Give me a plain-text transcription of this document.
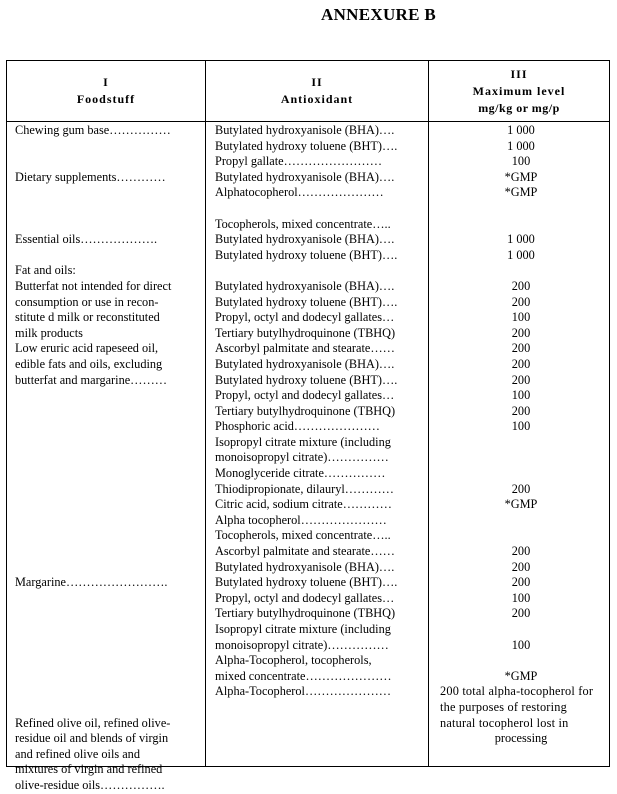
ANNEXURE B
I
Foodstuff
II
Antioxidant
III
Maximum level
mg/kg or mg/p
Chewing gum base……………
Dietary supplements…………
Essential oils……………….
Fat and oils:
Butterfat not intended for direct
consumption or use in recon-
stitute d milk or reconstituted
milk products
Low eruric acid rapeseed oil,
edible fats and oils, excluding
butterfat and margarine………
Margarine…………………….
Refined olive oil, refined olive-
residue oil and blends of virgin
and refined olive oils and
mixtures of virgin and refined
olive-residue oils…………….
Butylated hydroxyanisole (BHA)….
Butylated hydroxy toluene (BHT)….
Propyl gallate……………………
Butylated hydroxyanisole (BHA)….
Alphatocopherol…………………
Tocopherols, mixed concentrate…..
Butylated hydroxyanisole (BHA)….
Butylated hydroxy toluene (BHT)….
Butylated hydroxyanisole (BHA)….
Butylated hydroxy toluene (BHT)….
Propyl, octyl and dodecyl gallates…
Tertiary butylhydroquinone (TBHQ)
Ascorbyl palmitate and stearate……
Butylated hydroxyanisole (BHA)….
Butylated hydroxy toluene (BHT)….
Propyl, octyl and dodecyl gallates…
Tertiary butylhydroquinone (TBHQ)
Phosphoric acid…………………
Isopropyl citrate mixture (including
monoisopropyl citrate)……………
Monoglyceride citrate……………
Thiodipropionate, dilauryl…………
Citric acid, sodium citrate…………
Alpha tocopherol…………………
Tocopherols, mixed concentrate…..
Ascorbyl palmitate and stearate……
Butylated hydroxyanisole (BHA)….
Butylated hydroxy toluene (BHT)….
Propyl, octyl and dodecyl gallates…
Tertiary butylhydroquinone (TBHQ)
Isopropyl citrate mixture (including
monoisopropyl citrate)……………
Alpha-Tocopherol, tocopherols,
mixed concentrate…………………
Alpha-Tocopherol…………………
1 000
1 000
100
*GMP
*GMP
1 000
1 000
200
200
100
200
200
200
200
100
200
100
200
*GMP
200
200
200
100
200
100
*GMP
200 total alpha-tocopherol for
the purposes of restoring
natural tocopherol lost in
processing
